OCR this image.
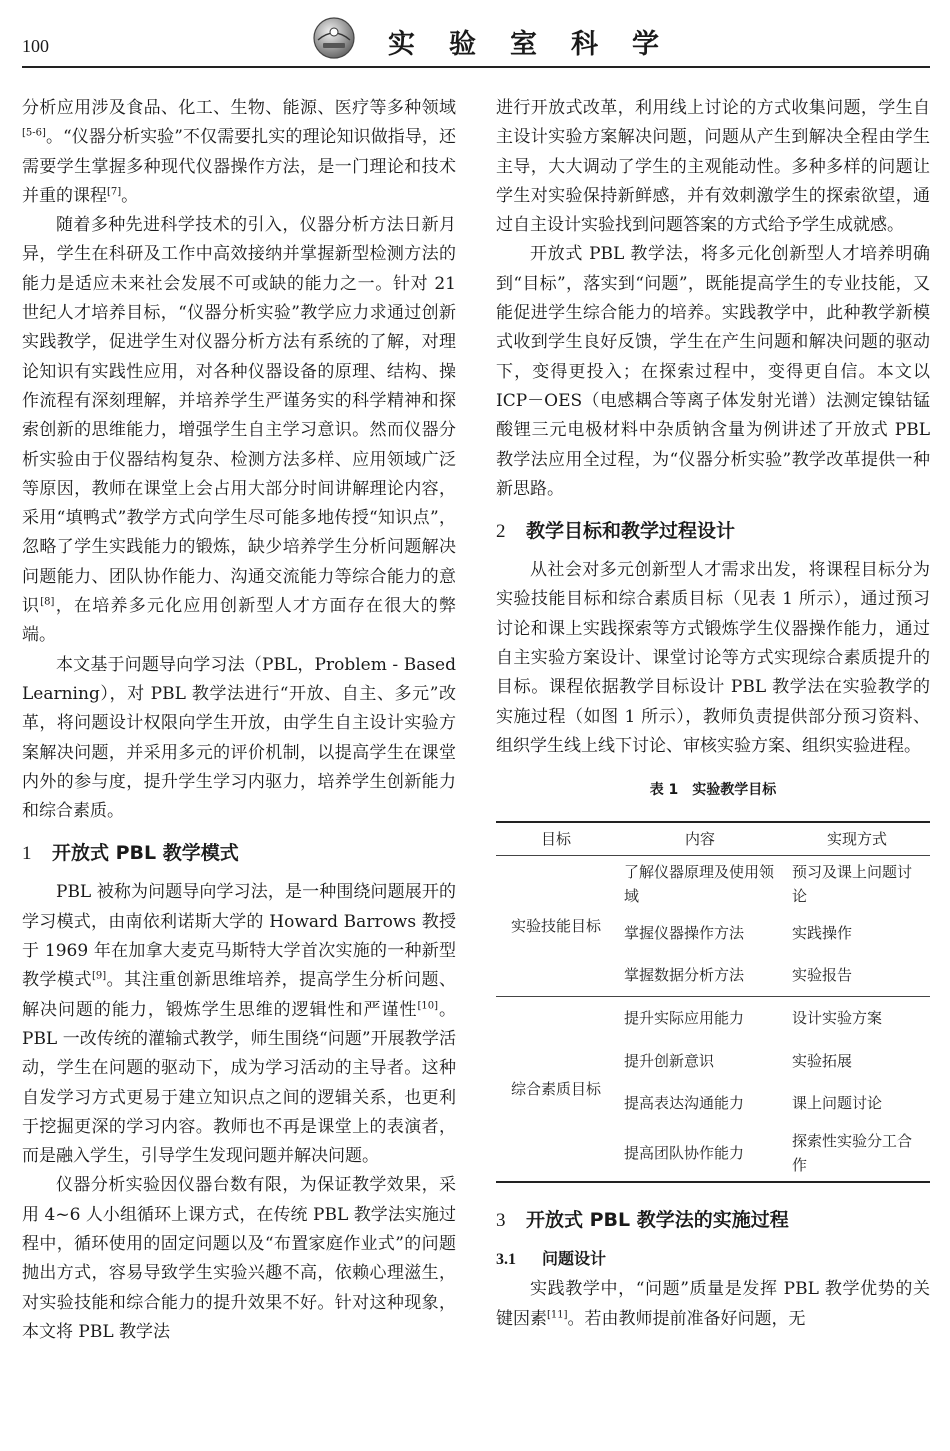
100	实验室科学

分析应用涉及食品、化工、生物、能源、医疗等多种领域[5-6]。“仪器分析实验”不仅需要扎实的理论知识做指导，还需要学生掌握多种现代仪器操作方法，是一门理论和技术并重的课程[7]。

随着多种先进科学技术的引入，仪器分析方法日新月异，学生在科研及工作中高效接纳并掌握新型检测方法的能力是适应未来社会发展不可或缺的能力之一。针对 21 世纪人才培养目标，“仪器分析实验”教学应力求通过创新实践教学，促进学生对仪器分析方法有系统的了解，对理论知识有实践性应用，对各种仪器设备的原理、结构、操作流程有深刻理解，并培养学生严谨务实的科学精神和探索创新的思维能力，增强学生自主学习意识。然而仪器分析实验由于仪器结构复杂、检测方法多样、应用领域广泛等原因，教师在课堂上会占用大部分时间讲解理论内容，采用“填鸭式”教学方式向学生尽可能多地传授“知识点”，忽略了学生实践能力的锻炼，缺少培养学生分析问题解决问题能力、团队协作能力、沟通交流能力等综合能力的意识[8]，在培养多元化应用创新型人才方面存在很大的弊端。

本文基于问题导向学习法（PBL，Problem - Based Learning），对 PBL 教学法进行“开放、自主、多元”改革，将问题设计权限向学生开放，由学生自主设计实验方案解决问题，并采用多元的评价机制，以提高学生在课堂内外的参与度，提升学生学习内驱力，培养学生创新能力和综合素质。

1 开放式 PBL 教学模式

PBL 被称为问题导向学习法，是一种围绕问题展开的学习模式，由南依利诺斯大学的 Howard Barrows 教授于 1969 年在加拿大麦克马斯特大学首次实施的一种新型教学模式[9]。其注重创新思维培养，提高学生分析问题、解决问题的能力，锻炼学生思维的逻辑性和严谨性[10]。PBL 一改传统的灌输式教学，师生围绕“问题”开展教学活动，学生在问题的驱动下，成为学习活动的主导者。这种自发学习方式更易于建立知识点之间的逻辑关系，也更利于挖掘更深的学习内容。教师也不再是课堂上的表演者，而是融入学生，引导学生发现问题并解决问题。

仪器分析实验因仪器台数有限，为保证教学效果，采用 4~6 人小组循环上课方式，在传统 PBL 教学法实施过程中，循环使用的固定问题以及“布置家庭作业式”的问题抛出方式，容易导致学生实验兴趣不高，依赖心理滋生，对实验技能和综合能力的提升效果不好。针对这种现象，本文将 PBL 教学法

进行开放式改革，利用线上讨论的方式收集问题，学生自主设计实验方案解决问题，问题从产生到解决全程由学生主导，大大调动了学生的主观能动性。多种多样的问题让学生对实验保持新鲜感，并有效刺激学生的探索欲望，通过自主设计实验找到问题答案的方式给予学生成就感。

开放式 PBL 教学法，将多元化创新型人才培养明确到“目标”，落实到“问题”，既能提高学生的专业技能，又能促进学生综合能力的培养。实践教学中，此种教学新模式收到学生良好反馈，学生在产生问题和解决问题的驱动下，变得更投入；在探索过程中，变得更自信。本文以 ICP－OES（电感耦合等离子体发射光谱）法测定镍钴锰酸锂三元电极材料中杂质钠含量为例讲述了开放式 PBL 教学法应用全过程，为“仪器分析实验”教学改革提供一种新思路。

2 教学目标和教学过程设计

从社会对多元创新型人才需求出发，将课程目标分为实验技能目标和综合素质目标（见表 1 所示），通过预习讨论和课上实践探索等方式锻炼学生仪器操作能力，通过自主实验方案设计、课堂讨论等方式实现综合素质提升的目标。课程依据教学目标设计 PBL 教学法在实验教学的实施过程（如图 1 所示），教师负责提供部分预习资料、组织学生线上线下讨论、审核实验方案、组织实验进程。

表 1　实验教学目标
目标	内容	实现方式
实验技能目标	了解仪器原理及使用领域	预习及课上问题讨论
	掌握仪器操作方法	实践操作
	掌握数据分析方法	实验报告
综合素质目标	提升实际应用能力	设计实验方案
	提升创新意识	实验拓展
	提高表达沟通能力	课上问题讨论
	提高团队协作能力	探索性实验分工合作
3 开放式 PBL 教学法的实施过程
3.1 问题设计

实践教学中，“问题”质量是发挥 PBL 教学优势的关键因素[11]。若由教师提前准备好问题，无
